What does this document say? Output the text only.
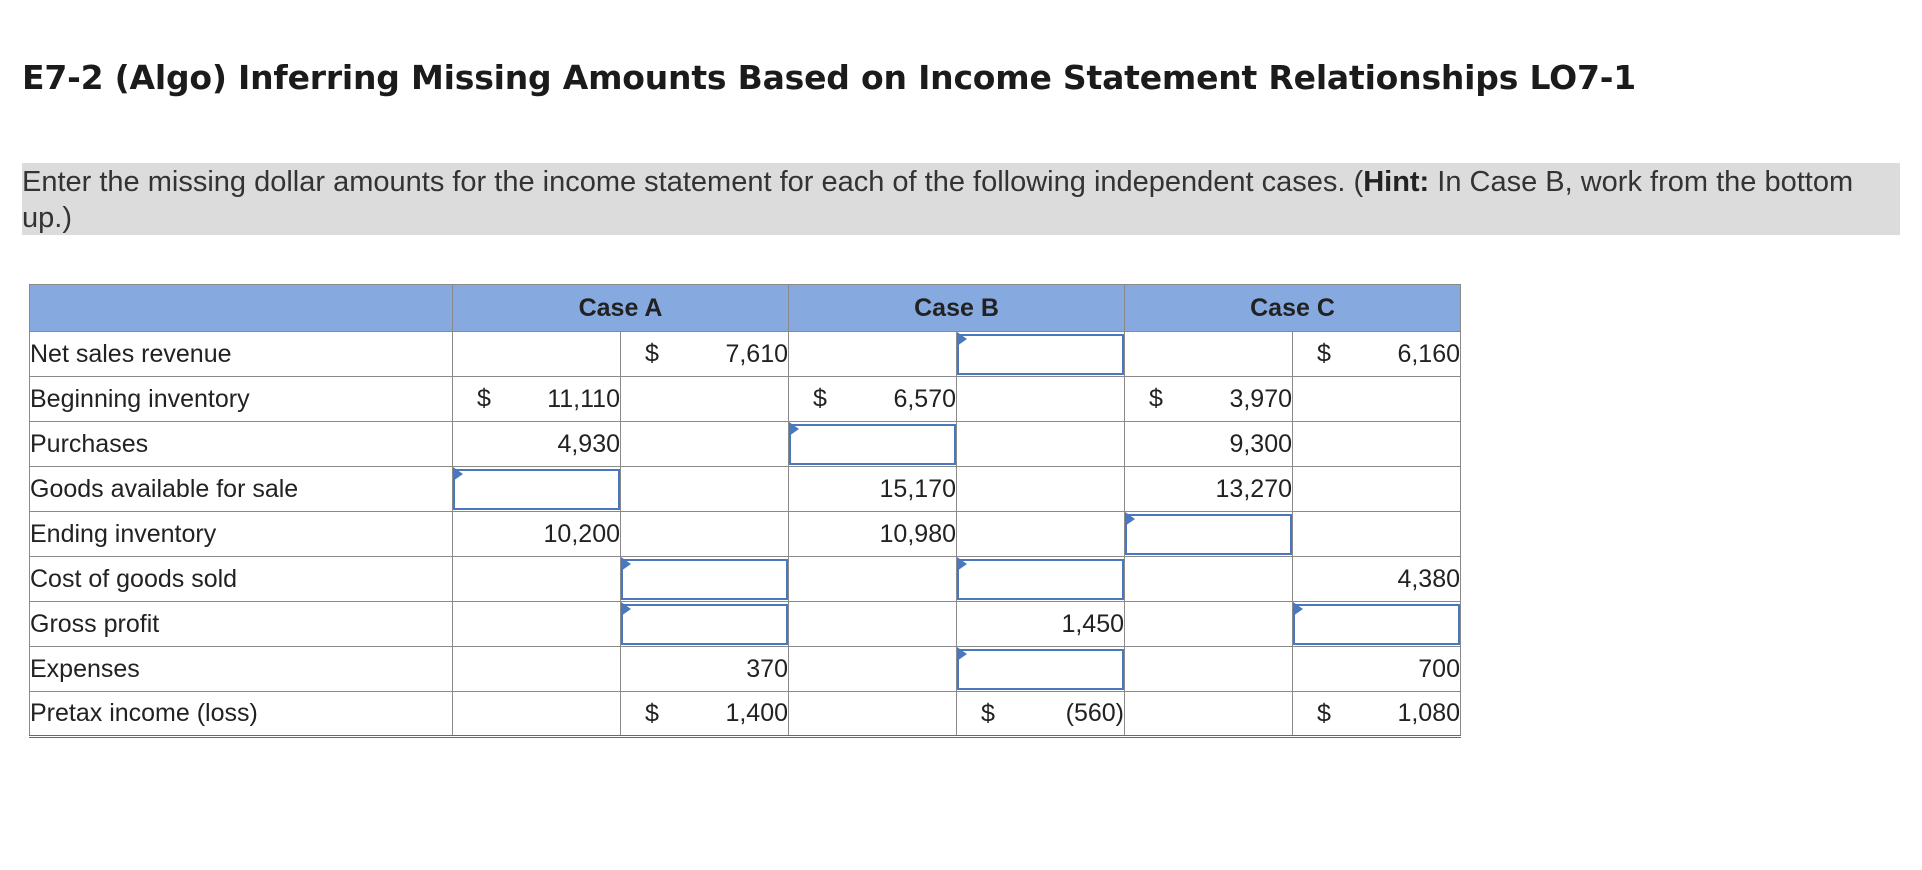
E7-2 (Algo) Inferring Missing Amounts Based on Income Statement Relationships LO7-1
Enter the missing dollar amounts for the income statement for each of the following independent cases. (Hint: In Case B, work from the bottom up.)
	Case A		Case B		Case C	
Net sales revenue		$ 7,610				$ 6,160
Beginning inventory	$ 11,110		$ 6,570		$ 3,970	
Purchases	4,930				9,300	
Goods available for sale			15,170		13,270	
Ending inventory	10,200		10,980		

Cost of goods sold						4,380
Gross profit				1,450		

Expenses		370				700
Pretax income (loss)		$ 1,400		$ (560)		$ 1,080
